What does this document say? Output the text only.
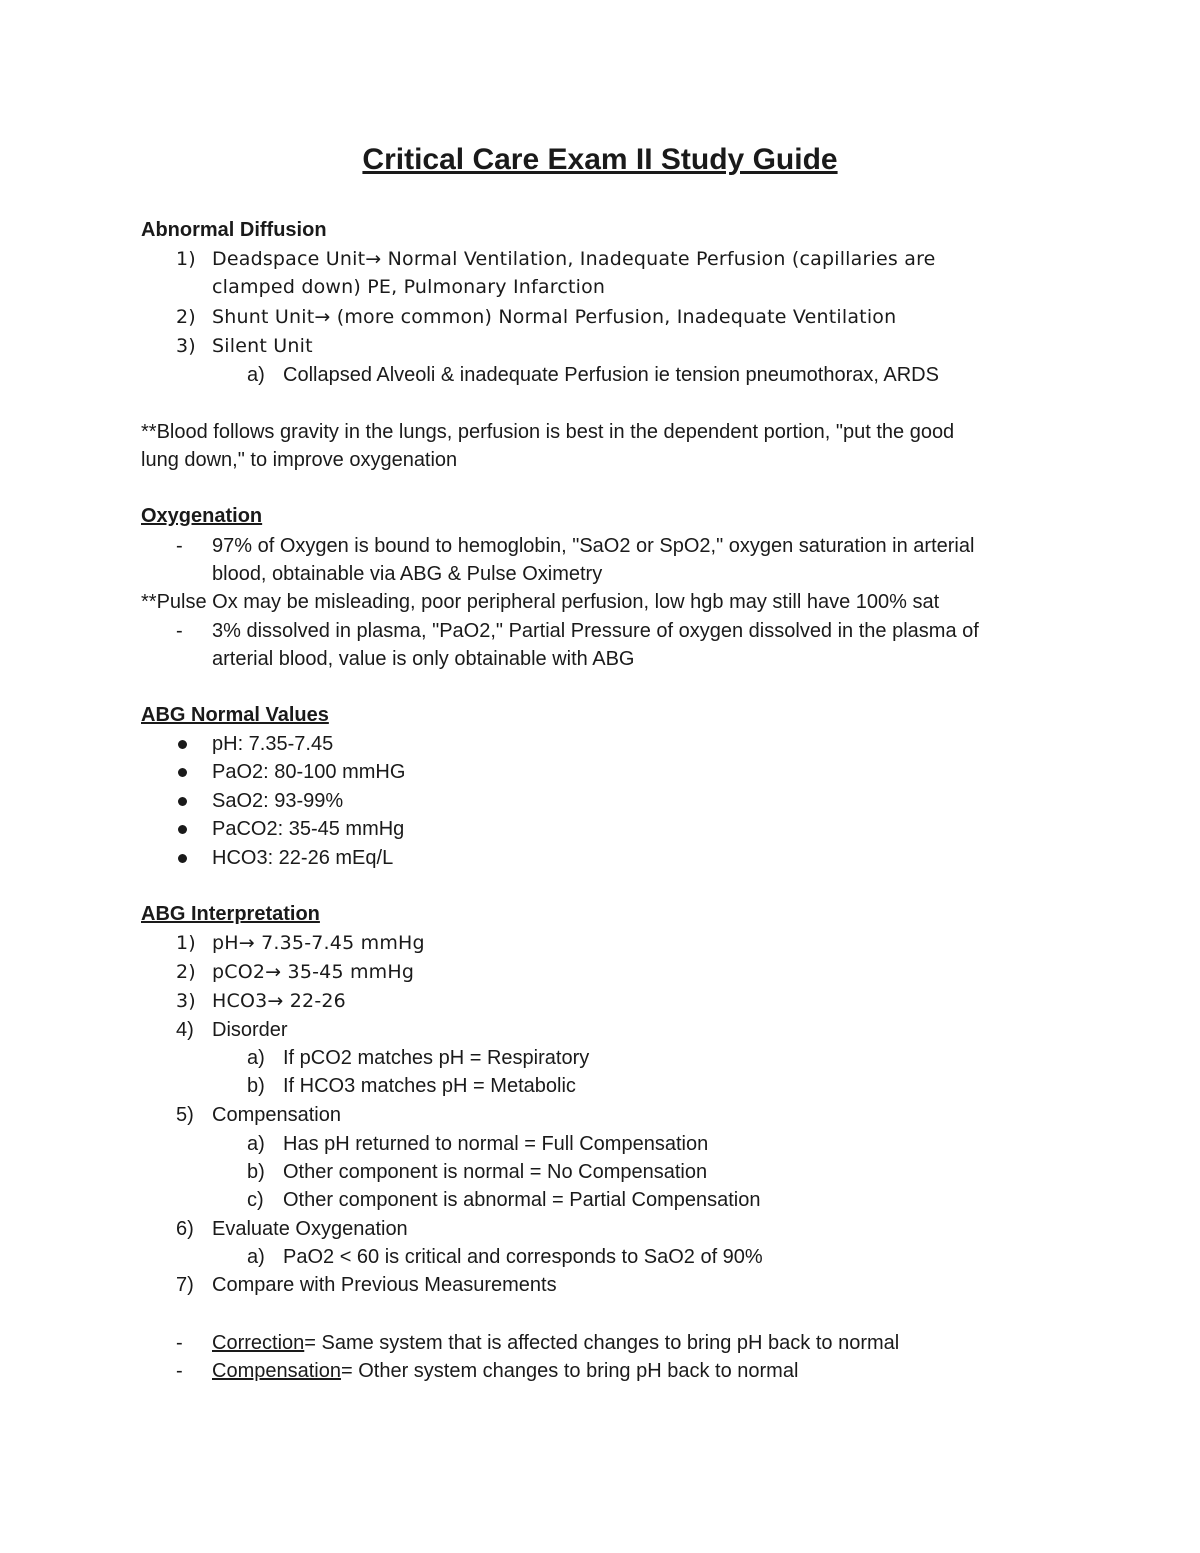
Critical Care Exam II Study Guide
Abnormal Diffusion
1) Deadspace Unit→ Normal Ventilation, Inadequate Perfusion (capillaries are
clamped down) PE, Pulmonary Infarction
2) Shunt Unit→ (more common) Normal Perfusion, Inadequate Ventilation
3) Silent Unit
a) Collapsed Alveoli & inadequate Perfusion ie tension pneumothorax, ARDS
**Blood follows gravity in the lungs, perfusion is best in the dependent portion, "put the good
lung down," to improve oxygenation
Oxygenation
- 97% of Oxygen is bound to hemoglobin, "SaO2 or SpO2," oxygen saturation in arterial
blood, obtainable via ABG & Pulse Oximetry
**Pulse Ox may be misleading, poor peripheral perfusion, low hgb may still have 100% sat
- 3% dissolved in plasma, "PaO2," Partial Pressure of oxygen dissolved in the plasma of
arterial blood, value is only obtainable with ABG
ABG Normal Values
pH: 7.35-7.45
PaO2: 80-100 mmHG
SaO2: 93-99%
PaCO2: 35-45 mmHg
HCO3: 22-26 mEq/L
ABG Interpretation
1) pH→ 7.35-7.45 mmHg
2) pCO2→ 35-45 mmHg
3) HCO3→ 22-26
4) Disorder
a) If pCO2 matches pH = Respiratory
b) If HCO3 matches pH = Metabolic
5) Compensation
a) Has pH returned to normal = Full Compensation
b) Other component is normal = No Compensation
c) Other component is abnormal = Partial Compensation
6) Evaluate Oxygenation
a) PaO2 < 60 is critical and corresponds to SaO2 of 90%
7) Compare with Previous Measurements
- Correction= Same system that is affected changes to bring pH back to normal
- Compensation= Other system changes to bring pH back to normal
